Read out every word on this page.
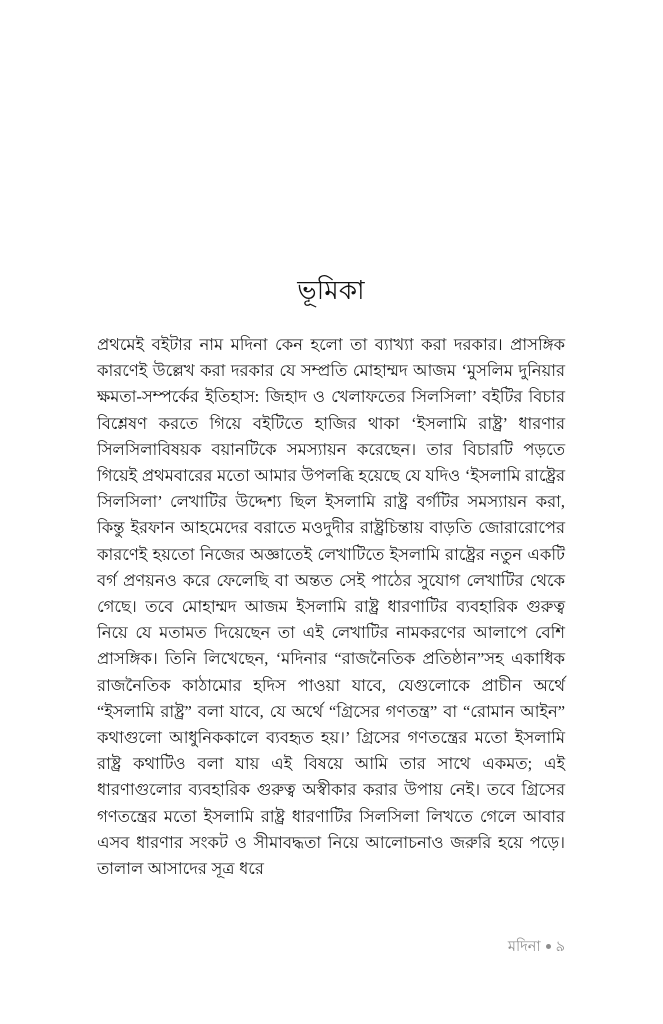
ভূমিকা

প্রথমেই বইটার নাম মদিনা কেন হলো তা ব্যাখ্যা করা দরকার। প্রাসঙ্গিক কারণেই উল্লেখ করা দরকার যে সম্প্রতি মোহাম্মদ আজম ‘মুসলিম দুনিয়ার ক্ষমতা-সম্পর্কের ইতিহাস: জিহাদ ও খেলাফতের সিলসিলা’ বইটির বিচার বিশ্লেষণ করতে গিয়ে বইটিতে হাজির থাকা ‘ইসলামি রাষ্ট্র’ ধারণার সিলসিলাবিষয়ক বয়ানটিকে সমস্যায়ন করেছেন। তার বিচারটি পড়তে গিয়েই প্রথমবারের মতো আমার উপলব্ধি হয়েছে যে যদিও ‘ইসলামি রাষ্ট্রের সিলসিলা’ লেখাটির উদ্দেশ্য ছিল ইসলামি রাষ্ট্র বর্গটির সমস্যায়ন করা, কিন্তু ইরফান আহমেদের বরাতে মওদুদীর রাষ্ট্রচিন্তায় বাড়তি জোরারোপের কারণেই হয়তো নিজের অজ্ঞাতেই লেখাটিতে ইসলামি রাষ্ট্রের নতুন একটি বর্গ প্রণয়নও করে ফেলেছি বা অন্তত সেই পাঠের সুযোগ লেখাটির থেকে গেছে। তবে মোহাম্মদ আজম ইসলামি রাষ্ট্র ধারণাটির ব্যবহারিক গুরুত্ব নিয়ে যে মতামত দিয়েছেন তা এই লেখাটির নামকরণের আলাপে বেশি প্রাসঙ্গিক। তিনি লিখেছেন, ‘মদিনার “রাজনৈতিক প্রতিষ্ঠান”সহ একাধিক রাজনৈতিক কাঠামোর হদিস পাওয়া যাবে, যেগুলোকে প্রাচীন অর্থে “ইসলামি রাষ্ট্র” বলা যাবে, যে অর্থে “গ্রিসের গণতন্ত্র” বা “রোমান আইন” কথাগুলো আধুনিককালে ব্যবহৃত হয়।’ গ্রিসের গণতন্ত্রের মতো ইসলামি রাষ্ট্র কথাটিও বলা যায় এই বিষয়ে আমি তার সাথে একমত; এই ধারণাগুলোর ব্যবহারিক গুরুত্ব অস্বীকার করার উপায় নেই। তবে গ্রিসের গণতন্ত্রের মতো ইসলামি রাষ্ট্র ধারণাটির সিলসিলা লিখতে গেলে আবার এসব ধারণার সংকট ও সীমাবদ্ধতা নিয়ে আলোচনাও জরুরি হয়ে পড়ে। তালাল আসাদের সূত্র ধরে

মদিনা ৯
